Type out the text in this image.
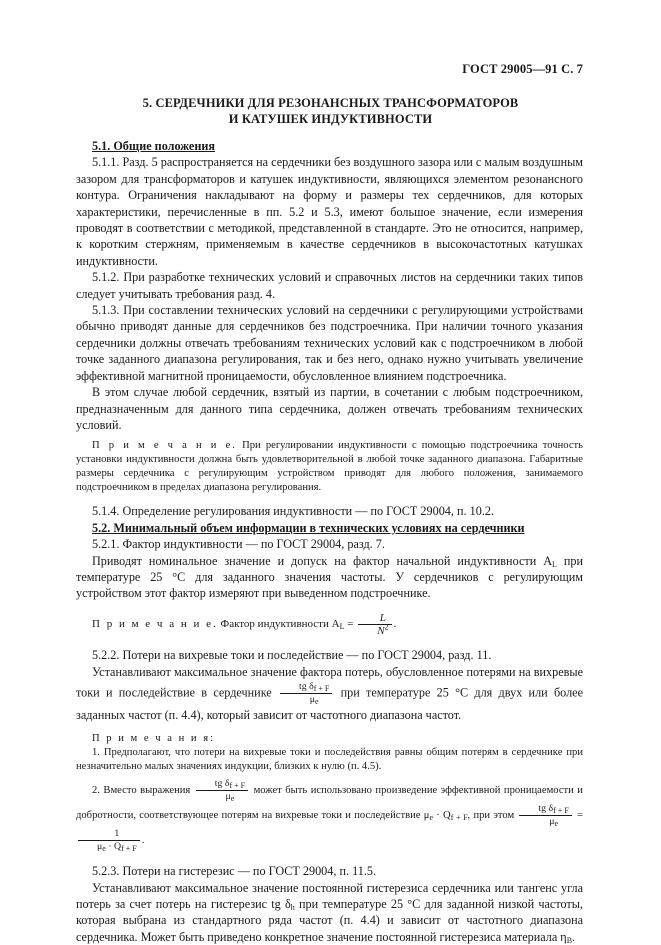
ГОСТ 29005—91 С. 7
5. СЕРДЕЧНИКИ ДЛЯ РЕЗОНАНСНЫХ ТРАНСФОРМАТОРОВ
И КАТУШЕК ИНДУКТИВНОСТИ

5.1. Общие положения

5.1.1. Разд. 5 распространяется на сердечники без воздушного зазора или с малым воздушным зазором для трансформаторов и катушек индуктивности, являющихся элементом резонансного контура. Ограничения накладывают на форму и размеры тех сердечников, для которых характеристики, перечисленные в пп. 5.2 и 5.3, имеют большое значение, если измерения проводят в соответствии с методикой, представленной в стандарте. Это не относится, например, к коротким стержням, применяемым в качестве сердечников в высокочастотных катушках индуктивности.

5.1.2. При разработке технических условий и справочных листов на сердечники таких типов следует учитывать требования разд. 4.

5.1.3. При составлении технических условий на сердечники с регулирующими устройствами обычно приводят данные для сердечников без подстроечника. При наличии точного указания сердечники должны отвечать требованиям технических условий как с подстроечником в любой точке заданного диапазона регулирования, так и без него, однако нужно учитывать увеличение эффективной магнитной проницаемости, обусловленное влиянием подстроечника.

В этом случае любой сердечник, взятый из партии, в сочетании с любым подстроечником, предназначенным для данного типа сердечника, должен отвечать требованиям технических условий.

П р и м е ч а н и е. При регулировании индуктивности с помощью подстроечника точность установки индуктивности должна быть удовлетворительной в любой точке заданного диапазона. Габаритные размеры сердечника с регулирующим устройством приводят для любого положения, занимаемого подстроечником в пределах диапазона регулирования.

5.1.4. Определение регулирования индуктивности — по ГОСТ 29004, п. 10.2.

5.2. Минимальный объем информации в технических условиях на сердечники

5.2.1. Фактор индуктивности — по ГОСТ 29004, разд. 7.

Приводят номинальное значение и допуск на фактор начальной индуктивности $A_L$ при температуре 25 °С для заданного значения частоты. У сердечников с регулирующим устройством этот фактор измеряют при выведенном подстроечнике.

П р и м е ч а н и е. Фактор индуктивности $A_L = \frac{L}{N^2}$ .

5.2.2. Потери на вихревые токи и последействие — по ГОСТ 29004, разд. 11.

Устанавливают максимальное значение фактора потерь, обусловленное потерями на вихревые токи и последействие в сердечнике $\frac{tg \delta_{f + F}}{\mu_e}$ при температуре 25 °С для двух или более заданных частот (п. 4.4), который зависит от частотного диапазона частот.

П р и м е ч а н и я:

1. Предполагают, что потери на вихревые токи и последействия равны общим потерям в сердечнике при незначительно малых значениях индукции, близких к нулю (п. 4.5).

2. Вместо выражения $\frac{tg \delta_{f + F}}{\mu_e}$ может быть использовано произведение эффективной проницаемости и добротности, соответствующее потерям на вихревые токи и последействие $\mu_e \cdot Q_{f + F}$, при этом $\frac{tg \delta_{f + F}}{\mu_e}$ =
$\frac{1}{\mu_e \cdot Q_{f + F}}$ .

5.2.3. Потери на гистерезис — по ГОСТ 29004, п. 11.5.

Устанавливают максимальное значение постоянной гистерезиса сердечника или тангенс угла потерь за счет потерь на гистерезис tg $\delta_h$ при температуре 25 °С для заданной низкой частоты, которая выбрана из стандартного ряда частот (п. 4.4) и зависит от частотного диапазона сердечника. Может быть приведено конкретное значение постоянной гистерезиса материала $\eta_B$.
